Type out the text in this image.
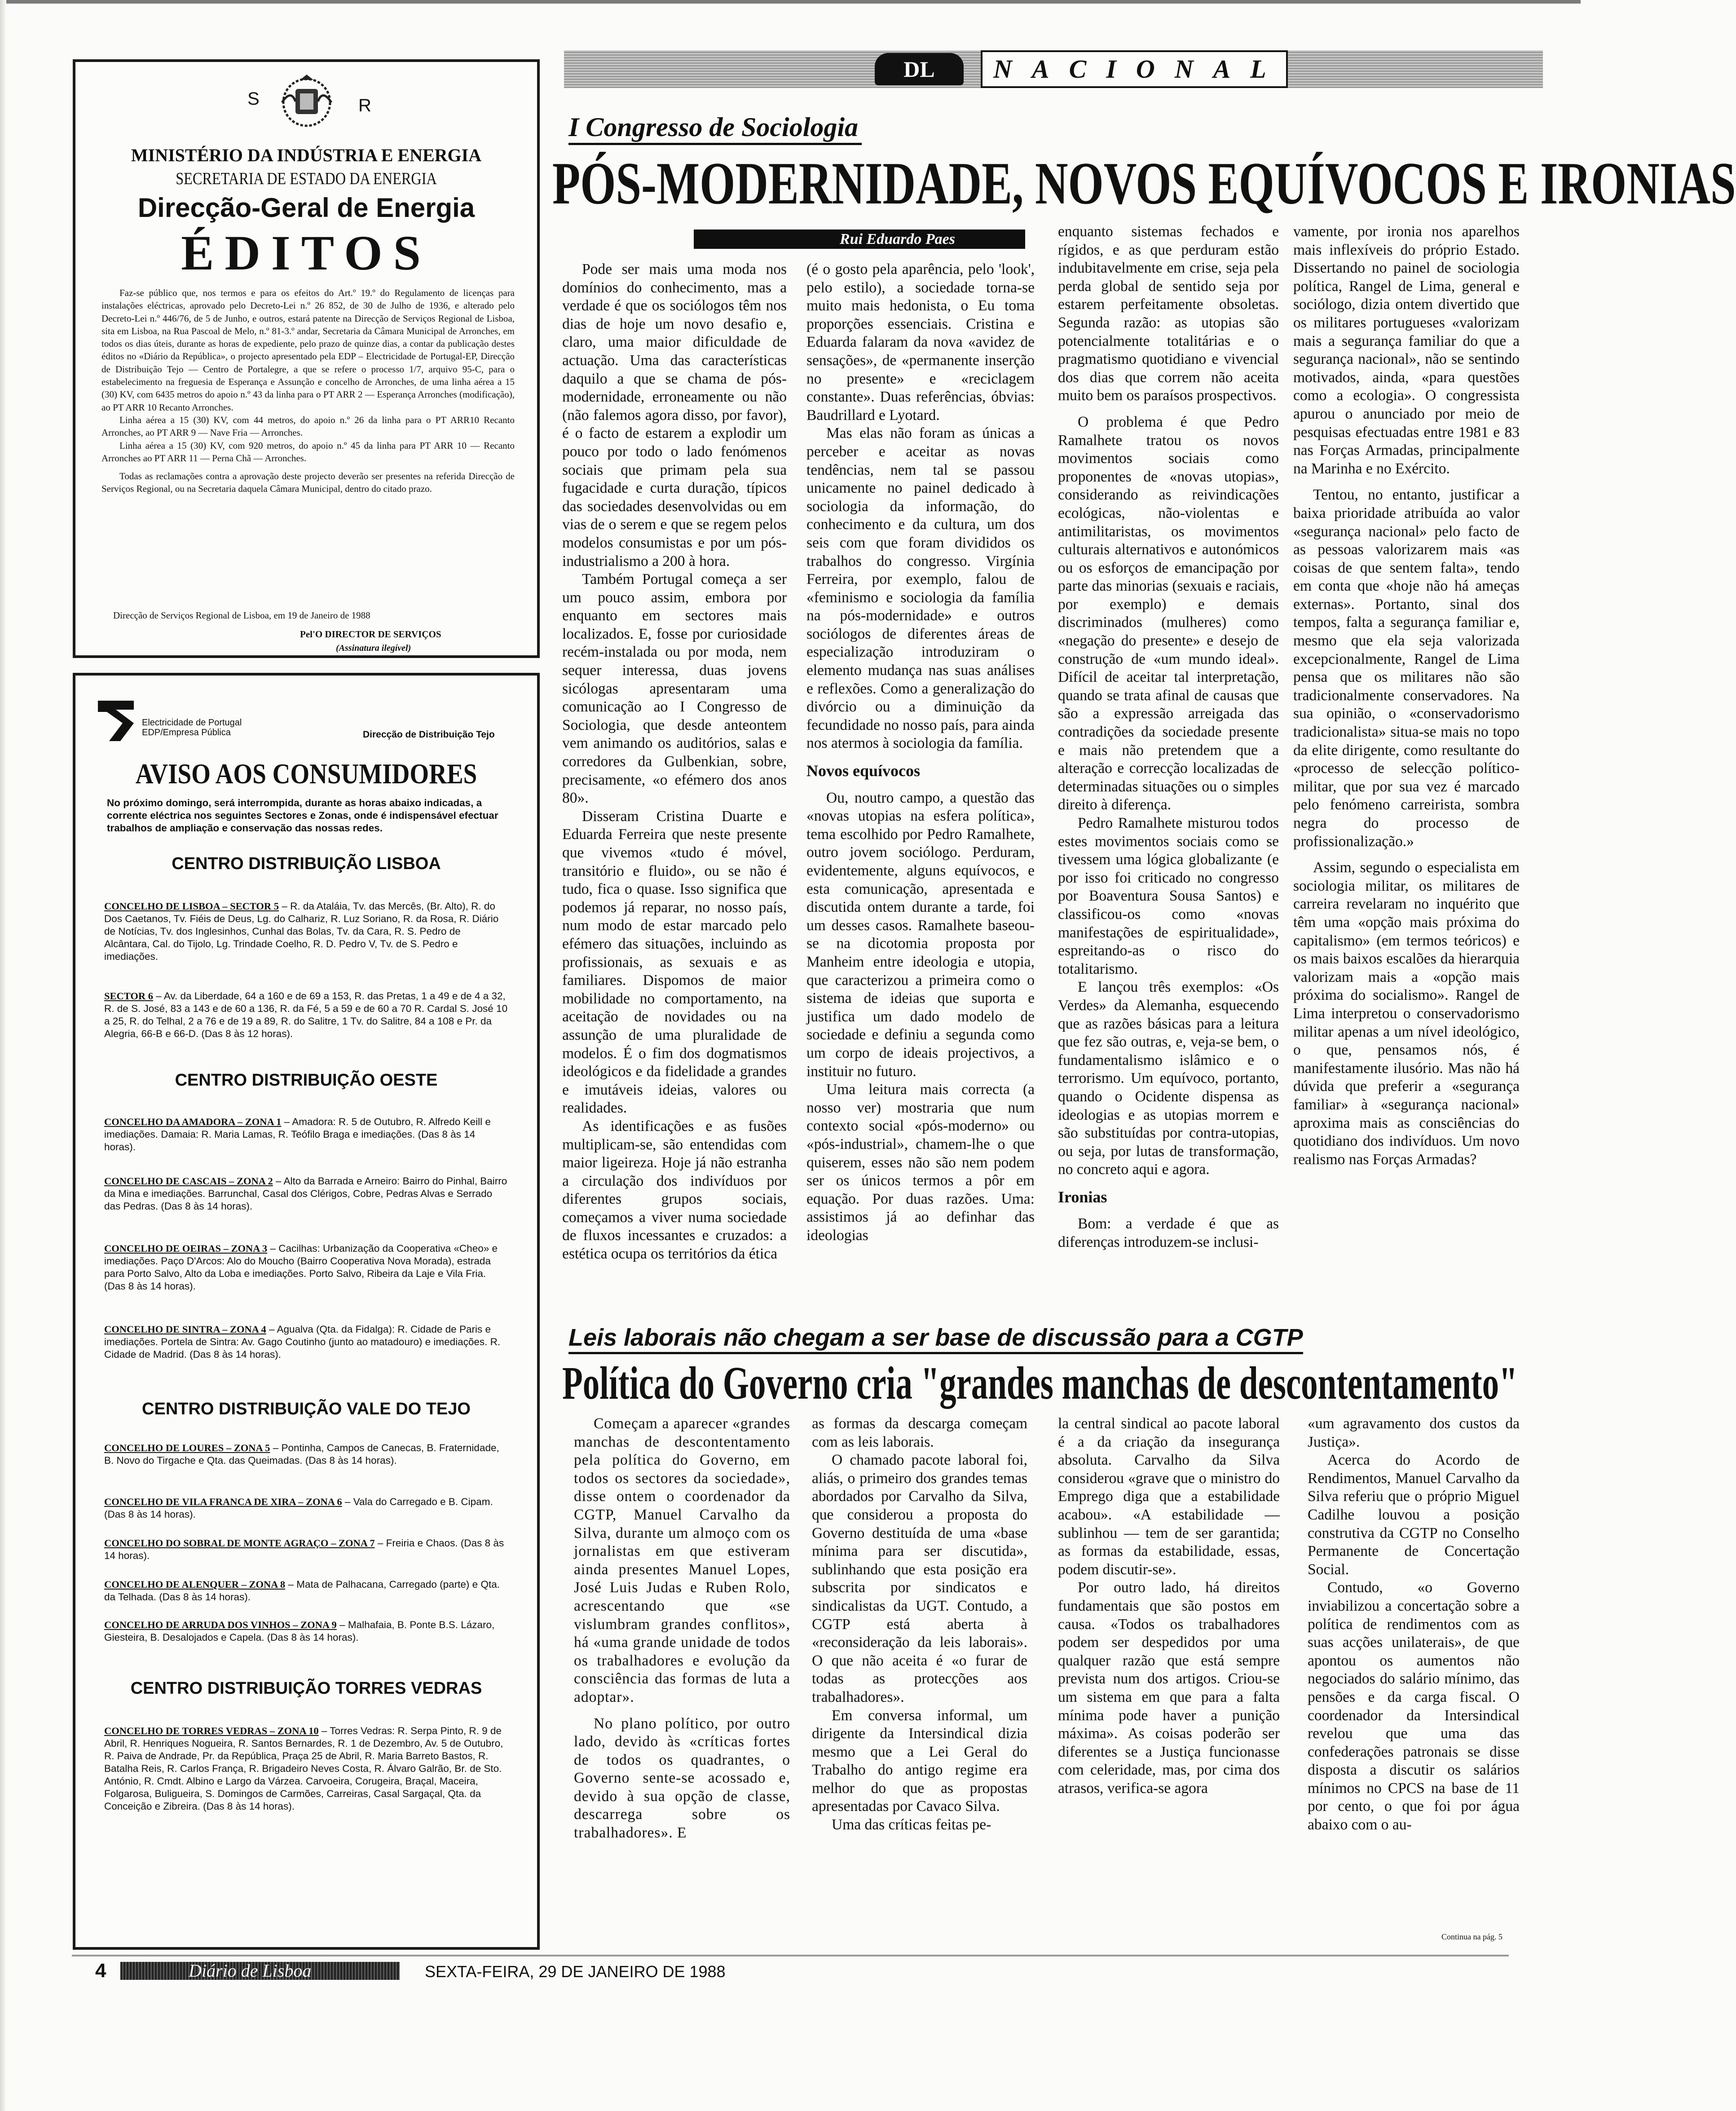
S	R
MINISTÉRIO DA INDÚSTRIA E ENERGIA
SECRETARIA DE ESTADO DA ENERGIA
Direcção-Geral de Energia
ÉDITOS

Faz-se público que, nos termos e para os efeitos do Art.º 19.º do Regulamento de licenças para instalações eléctricas, aprovado pelo Decreto-Lei n.º 26 852, de 30 de Julho de 1936, e alterado pelo Decreto-Lei n.º 446/76, de 5 de Junho, e outros, estará patente na Direcção de Serviços Regional de Lisboa, sita em Lisboa, na Rua Pascoal de Melo, n.º 81-3.º andar, Secretaria da Câmara Municipal de Arronches, em todos os dias úteis, durante as horas de expediente, pelo prazo de quinze dias, a contar da publicação destes éditos no «Diário da República», o projecto apresentado pela EDP – Electricidade de Portugal-EP, Direcção de Distribuição Tejo — Centro de Portalegre, a que se refere o processo 1/7, arquivo 95-C, para o estabelecimento na freguesia de Esperança e Assunção e concelho de Arronches, de uma linha aérea a 15 (30) KV, com 6435 metros do apoio n.º 43 da linha para o PT ARR 2 — Esperança Arronches (modificação), ao PT ARR 10 Recanto Arronches.

Linha aérea a 15 (30) KV, com 44 metros, do apoio n.º 26 da linha para o PT ARR10 Recanto Arronches, ao PT ARR 9 — Nave Fria — Arronches.

Linha aérea a 15 (30) KV, com 920 metros, do apoio n.º 45 da linha para PT ARR 10 — Recanto Arronches ao PT ARR 11 — Perna Chã — Arronches.

Todas as reclamações contra a aprovação deste projecto deverão ser presentes na referida Direcção de Serviços Regional, ou na Secretaria daquela Câmara Municipal, dentro do citado prazo.

Direcção de Serviços Regional de Lisboa, em 19 de Janeiro de 1988
Pel'O DIRECTOR DE SERVIÇOS
(Assinatura ilegível)
Electricidade de Portugal
EDP/Empresa Pública	Direcção de Distribuição Tejo
AVISO AOS CONSUMIDORES
No próximo domingo, será interrompida, durante as horas abaixo indicadas, a corrente eléctrica nos seguintes Sectores e Zonas, onde é indispensável efectuar trabalhos de ampliação e conservação das nossas redes.
CENTRO DISTRIBUIÇÃO LISBOA
CONCELHO DE LISBOA – SECTOR 5 – R. da Ataláia, Tv. das Mercês, (Br. Alto), R. do Dos Caetanos, Tv. Fiéis de Deus, Lg. do Calhariz, R. Luz Soriano, R. da Rosa, R. Diário de Notícias, Tv. dos Inglesinhos, Cunhal das Bolas, Tv. da Cara, R. S. Pedro de Alcântara, Cal. do Tijolo, Lg. Trindade Coelho, R. D. Pedro V, Tv. de S. Pedro e imediações.
SECTOR 6 – Av. da Liberdade, 64 a 160 e de 69 a 153, R. das Pretas, 1 a 49 e de 4 a 32, R. de S. José, 83 a 143 e de 60 a 136, R. da Fé, 5 a 59 e de 60 a 70 R. Cardal S. José 10 a 25, R. do Telhal, 2 a 76 e de 19 a 89, R. do Salitre, 1 Tv. do Salitre, 84 a 108 e Pr. da Alegria, 66-B e 66-D. (Das 8 às 12 horas).
CENTRO DISTRIBUIÇÃO OESTE
CONCELHO DA AMADORA – ZONA 1 – Amadora: R. 5 de Outubro, R. Alfredo Keill e imediações. Damaia: R. Maria Lamas, R. Teófilo Braga e imediações. (Das 8 às 14 horas).
CONCELHO DE CASCAIS – ZONA 2 – Alto da Barrada e Arneiro: Bairro do Pinhal, Bairro da Mina e imediações. Barrunchal, Casal dos Clérigos, Cobre, Pedras Alvas e Serrado das Pedras. (Das 8 às 14 horas).
CONCELHO DE OEIRAS – ZONA 3 – Cacilhas: Urbanização da Cooperativa «Cheo» e imediações. Paço D'Arcos: Alo do Moucho (Bairro Cooperativa Nova Morada), estrada para Porto Salvo, Alto da Loba e imediações. Porto Salvo, Ribeira da Laje e Vila Fria. (Das 8 às 14 horas).
CONCELHO DE SINTRA – ZONA 4 – Agualva (Qta. da Fidalga): R. Cidade de Paris e imediações. Portela de Sintra: Av. Gago Coutinho (junto ao matadouro) e imediações. R. Cidade de Madrid. (Das 8 às 14 horas).
CENTRO DISTRIBUIÇÃO VALE DO TEJO
CONCELHO DE LOURES – ZONA 5 – Pontinha, Campos de Canecas, B. Fraternidade, B. Novo do Tirgache e Qta. das Queimadas. (Das 8 às 14 horas).
CONCELHO DE VILA FRANCA DE XIRA – ZONA 6 – Vala do Carregado e B. Cipam. (Das 8 às 14 horas).
CONCELHO DO SOBRAL DE MONTE AGRAÇO – ZONA 7 – Freiria e Chaos. (Das 8 às 14 horas).
CONCELHO DE ALENQUER – ZONA 8 – Mata de Palhacana, Carregado (parte) e Qta. da Telhada. (Das 8 às 14 horas).
CONCELHO DE ARRUDA DOS VINHOS – ZONA 9 – Malhafaia, B. Ponte B.S. Lázaro, Giesteira, B. Desalojados e Capela. (Das 8 às 14 horas).
CENTRO DISTRIBUIÇÃO TORRES VEDRAS
CONCELHO DE TORRES VEDRAS – ZONA 10 – Torres Vedras: R. Serpa Pinto, R. 9 de Abril, R. Henriques Nogueira, R. Santos Bernardes, R. 1 de Dezembro, Av. 5 de Outubro, R. Paiva de Andrade, Pr. da República, Praça 25 de Abril, R. Maria Barreto Bastos, R. Batalha Reis, R. Carlos França, R. Brigadeiro Neves Costa, R. Álvaro Galrão, Br. de Sto. António, R. Cmdt. Albino e Largo da Várzea. Carvoeira, Corugeira, Braçal, Maceira, Folgarosa, Buligueira, S. Domingos de Carmões, Carreiras, Casal Sargaçal, Qta. da Conceição e Zibreira. (Das 8 às 14 horas).
DL	NACIONAL
I Congresso de Sociologia
PÓS-MODERNIDADE, NOVOS EQUÍVOCOS E IRONIAS
Rui Eduardo Paes

Pode ser mais uma moda nos domínios do conhecimento, mas a verdade é que os sociólogos têm nos dias de hoje um novo desafio e, claro, uma maior dificuldade de actuação. Uma das características daquilo a que se chama de pós-modernidade, erroneamente ou não (não falemos agora disso, por favor), é o facto de estarem a explodir um pouco por todo o lado fenómenos sociais que primam pela sua fugacidade e curta duração, típicos das sociedades desenvolvidas ou em vias de o serem e que se regem pelos modelos consumistas e por um pós-industrialismo a 200 à hora.

Também Portugal começa a ser um pouco assim, embora por enquanto em sectores mais localizados. E, fosse por curiosidade recém-instalada ou por moda, nem sequer interessa, duas jovens sicólogas apresentaram uma comunicação ao I Congresso de Sociologia, que desde anteontem vem animando os auditórios, salas e corredores da Gulbenkian, sobre, precisamente, «o efémero dos anos 80».

Disseram Cristina Duarte e Eduarda Ferreira que neste presente que vivemos «tudo é móvel, transitório e fluido», ou se não é tudo, fica o quase. Isso significa que podemos já reparar, no nosso país, num modo de estar marcado pelo efémero das situações, incluindo as profissionais, as sexuais e as familiares. Dispomos de maior mobilidade no comportamento, na aceitação de novidades ou na assunção de uma pluralidade de modelos. É o fim dos dogmatismos ideológicos e da fidelidade a grandes e imutáveis ideias, valores ou realidades.

As identificações e as fusões multiplicam-se, são entendidas com maior ligeireza. Hoje já não estranha a circulação dos indivíduos por diferentes grupos sociais, começamos a viver numa sociedade de fluxos incessantes e cruzados: a estética ocupa os territórios da ética

(é o gosto pela aparência, pelo 'look', pelo estilo), a sociedade torna-se muito mais hedonista, o Eu toma proporções essenciais. Cristina e Eduarda falaram da nova «avidez de sensações», de «permanente inserção no presente» e «reciclagem constante». Duas referências, óbvias: Baudrillard e Lyotard.

Mas elas não foram as únicas a perceber e aceitar as novas tendências, nem tal se passou unicamente no painel dedicado à sociologia da informação, do conhecimento e da cultura, um dos seis com que foram divididos os trabalhos do congresso. Virgínia Ferreira, por exemplo, falou de «feminismo e sociologia da família na pós-modernidade» e outros sociólogos de diferentes áreas de especialização introduziram o elemento mudança nas suas análises e reflexões. Como a generalização do divórcio ou a diminuição da fecundidade no nosso país, para ainda nos atermos à sociologia da família.

Novos equívocos

Ou, noutro campo, a questão das «novas utopias na esfera política», tema escolhido por Pedro Ramalhete, outro jovem sociólogo. Perduram, evidentemente, alguns equívocos, e esta comunicação, apresentada e discutida ontem durante a tarde, foi um desses casos. Ramalhete baseou-se na dicotomia proposta por Manheim entre ideologia e utopia, que caracterizou a primeira como o sistema de ideias que suporta e justifica um dado modelo de sociedade e definiu a segunda como um corpo de ideais projectivos, a instituir no futuro.

Uma leitura mais correcta (a nosso ver) mostraria que num contexto social «pós-moderno» ou «pós-industrial», chamem-lhe o que quiserem, esses não são nem podem ser os únicos termos a pôr em equação. Por duas razões. Uma: assistimos já ao definhar das ideologias

enquanto sistemas fechados e rígidos, e as que perduram estão indubitavelmente em crise, seja pela perda global de sentido seja por estarem perfeitamente obsoletas. Segunda razão: as utopias são potencialmente totalitárias e o pragmatismo quotidiano e vivencial dos dias que correm não aceita muito bem os paraísos prospectivos.

O problema é que Pedro Ramalhete tratou os novos movimentos sociais como proponentes de «novas utopias», considerando as reivindicações ecológicas, não-violentas e antimilitaristas, os movimentos culturais alternativos e autonómicos ou os esforços de emancipação por parte das minorias (sexuais e raciais, por exemplo) e demais discriminados (mulheres) como «negação do presente» e desejo de construção de «um mundo ideal». Difícil de aceitar tal interpretação, quando se trata afinal de causas que são a expressão arreigada das contradições da sociedade presente e mais não pretendem que a alteração e correcção localizadas de determinadas situações ou o simples direito à diferença.

Pedro Ramalhete misturou todos estes movimentos sociais como se tivessem uma lógica globalizante (e por isso foi criticado no congresso por Boaventura Sousa Santos) e classificou-os como «novas manifestações de espiritualidade», espreitando-as o risco do totalitarismo.

E lançou três exemplos: «Os Verdes» da Alemanha, esquecendo que as razões básicas para a leitura que fez são outras, e, veja-se bem, o fundamentalismo islâmico e o terrorismo. Um equívoco, portanto, quando o Ocidente dispensa as ideologias e as utopias morrem e são substituídas por contra-utopias, ou seja, por lutas de transformação, no concreto aqui e agora.

Ironias

Bom: a verdade é que as diferenças introduzem-se inclusi-

vamente, por ironia nos aparelhos mais inflexíveis do próprio Estado. Dissertando no painel de sociologia política, Rangel de Lima, general e sociólogo, dizia ontem divertido que os militares portugueses «valorizam mais a segurança familiar do que a segurança nacional», não se sentindo motivados, ainda, «para questões como a ecologia». O congressista apurou o anunciado por meio de pesquisas efectuadas entre 1981 e 83 nas Forças Armadas, principalmente na Marinha e no Exército.

Tentou, no entanto, justificar a baixa prioridade atribuída ao valor «segurança nacional» pelo facto de as pessoas valorizarem mais «as coisas de que sentem falta», tendo em conta que «hoje não há ameças externas». Portanto, sinal dos tempos, falta a segurança familiar e, mesmo que ela seja valorizada excepcionalmente, Rangel de Lima pensa que os militares não são tradicionalmente conservadores. Na sua opinião, o «conservadorismo tradicionalista» situa-se mais no topo da elite dirigente, como resultante do «processo de selecção político-militar, que por sua vez é marcado pelo fenómeno carreirista, sombra negra do processo de profissionalização.»

Assim, segundo o especialista em sociologia militar, os militares de carreira revelaram no inquérito que têm uma «opção mais próxima do capitalismo» (em termos teóricos) e os mais baixos escalões da hierarquia valorizam mais a «opção mais próxima do socialismo». Rangel de Lima interpretou o conservadorismo militar apenas a um nível ideológico, o que, pensamos nós, é manifestamente ilusório. Mas não há dúvida que preferir a «segurança familiar» à «segurança nacional» aproxima mais as consciências do quotidiano dos indivíduos. Um novo realismo nas Forças Armadas?

Leis laborais não chegam a ser base de discussão para a CGTP
Política do Governo cria "grandes manchas de descontentamento"

Começam a aparecer «grandes manchas de descontentamento pela política do Governo, em todos os sectores da sociedade», disse ontem o coordenador da CGTP, Manuel Carvalho da Silva, durante um almoço com os jornalistas em que estiveram ainda presentes Manuel Lopes, José Luis Judas e Ruben Rolo, acrescentando que «se vislumbram grandes conflitos», há «uma grande unidade de todos os trabalhadores e evolução da consciência das formas de luta a adoptar».

No plano político, por outro lado, devido às «críticas fortes de todos os quadrantes, o Governo sente-se acossado e, devido à sua opção de classe, descarrega sobre os trabalhadores». E

as formas da descarga começam com as leis laborais.

O chamado pacote laboral foi, aliás, o primeiro dos grandes temas abordados por Carvalho da Silva, que considerou a proposta do Governo destituída de uma «base mínima para ser discutida», sublinhando que esta posição era subscrita por sindicatos e sindicalistas da UGT. Contudo, a CGTP está aberta à «reconsideração da leis laborais». O que não aceita é «o furar de todas as protecções aos trabalhadores».

Em conversa informal, um dirigente da Intersindical dizia mesmo que a Lei Geral do Trabalho do antigo regime era melhor do que as propostas apresentadas por Cavaco Silva.

Uma das críticas feitas pe-

la central sindical ao pacote laboral é a da criação da insegurança absoluta. Carvalho da Silva considerou «grave que o ministro do Emprego diga que a estabilidade acabou». «A estabilidade — sublinhou — tem de ser garantida; as formas da estabilidade, essas, podem discutir-se».

Por outro lado, há direitos fundamentais que são postos em causa. «Todos os trabalhadores podem ser despedidos por uma qualquer razão que está sempre prevista num dos artigos. Criou-se um sistema em que para a falta mínima pode haver a punição máxima». As coisas poderão ser diferentes se a Justiça funcionasse com celeridade, mas, por cima dos atrasos, verifica-se agora

«um agravamento dos custos da Justiça».

Acerca do Acordo de Rendimentos, Manuel Carvalho da Silva referiu que o próprio Miguel Cadilhe louvou a posição construtiva da CGTP no Conselho Permanente de Concertação Social.

Contudo, «o Governo inviabilizou a concertação sobre a política de rendimentos com as suas acções unilaterais», de que apontou os aumentos não negociados do salário mínimo, das pensões e da carga fiscal. O coordenador da Intersindical revelou que uma das confederações patronais se disse disposta a discutir os salários mínimos no CPCS na base de 11 por cento, o que foi por água abaixo com o au-

Continua na pág. 5
4	Diário de Lisboa	SEXTA-FEIRA, 29 DE JANEIRO DE 1988
